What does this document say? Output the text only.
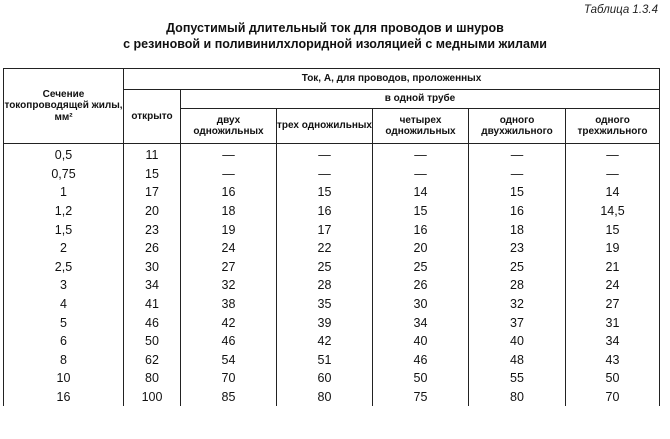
Таблица 1.3.4
Допустимый длительный ток для проводов и шнуров
с резиновой и поливинилхлоридной изоляцией с медными жилами
Сечение токопроводящей жилы, мм²	Ток, А, для проводов, проложенных					
	открыто	в одной трубе				
		двух одножильных	трех одножильных	четырех одножильных	одного двухжильного	одного трехжильного
0,5	11	—	—	—	—	—
0,75	15	—	—	—	—	—
1	17	16	15	14	15	14
1,2	20	18	16	15	16	14,5
1,5	23	19	17	16	18	15
2	26	24	22	20	23	19
2,5	30	27	25	25	25	21
3	34	32	28	26	28	24
4	41	38	35	30	32	27
5	46	42	39	34	37	31
6	50	46	42	40	40	34
8	62	54	51	46	48	43
10	80	70	60	50	55	50
16	100	85	80	75	80	70
